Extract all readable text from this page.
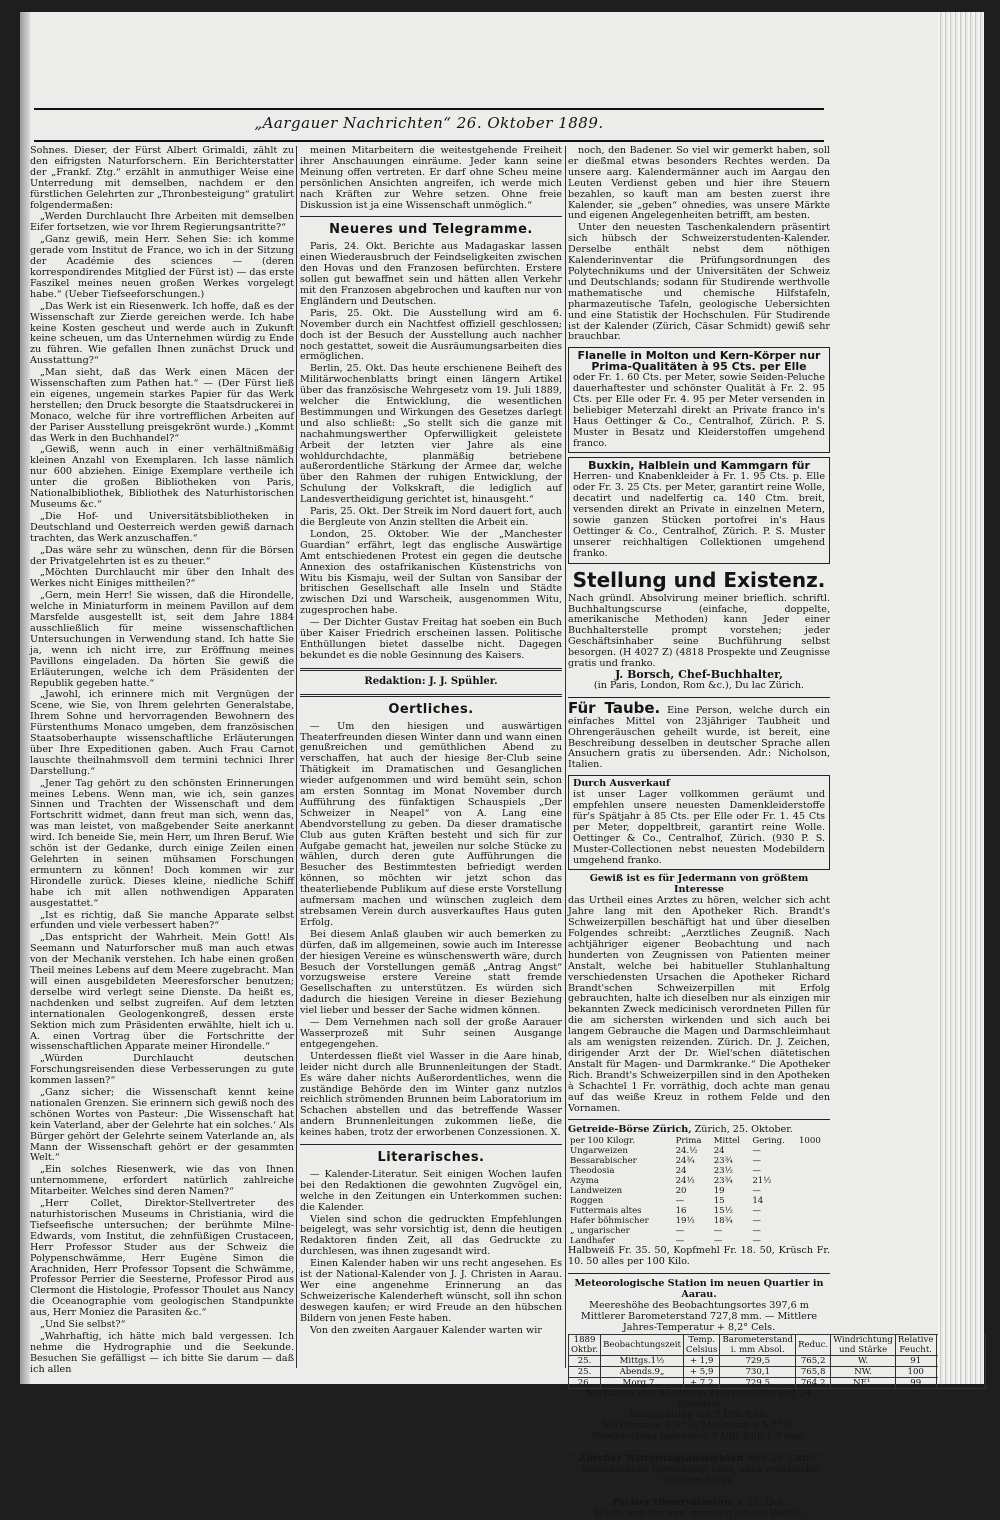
„Aargauer Nachrichten“ 26. Oktober 1889.

Sohnes. Dieser, der Fürst Albert Grimaldi, zählt zu den eifrigsten Naturforschern. Ein Berichterstatter der „Frankf. Ztg.“ erzählt in anmuthiger Weise eine Unterredung mit demselben, nachdem er den fürstlichen Gelehrten zur „Thronbesteigung“ gratulirt folgendermaßen:

„Werden Durchlaucht Ihre Arbeiten mit demselben Eifer fortsetzen, wie vor Ihrem Regierungsantritte?“

„Ganz gewiß, mein Herr. Sehen Sie: ich komme gerade vom Institut de France, wo ich in der Sitzung der Académie des sciences — (deren korrespondirendes Mitglied der Fürst ist) — das erste Faszikel meines neuen großen Werkes vorgelegt habe.“ (Ueber Tiefseeforschungen.)

„Das Werk ist ein Riesenwerk. Ich hoffe, daß es der Wissenschaft zur Zierde gereichen werde. Ich habe keine Kosten gescheut und werde auch in Zukunft keine scheuen, um das Unternehmen würdig zu Ende zu führen. Wie gefallen Ihnen zunächst Druck und Ausstattung?“

„Man sieht, daß das Werk einen Mäcen der Wissenschaften zum Pathen hat.“ — (Der Fürst ließ ein eigenes, ungemein starkes Papier für das Werk herstellen; den Druck besorgte die Staatsdruckerei in Monaco, welche für ihre vortrefflichen Arbeiten auf der Pariser Ausstellung preisgekrönt wurde.) „Kommt das Werk in den Buchhandel?“

„Gewiß, wenn auch in einer verhältnißmäßig kleinen Anzahl von Exemplaren. Ich lasse nämlich nur 600 abziehen. Einige Exemplare vertheile ich unter die großen Bibliotheken von Paris, Nationalbibliothek, Bibliothek des Naturhistorischen Museums &c.“

„Die Hof- und Universitätsbibliotheken in Deutschland und Oesterreich werden gewiß darnach trachten, das Werk anzuschaffen.“

„Das wäre sehr zu wünschen, denn für die Börsen der Privatgelehrten ist es zu theuer.“

„Möchten Durchlaucht mir über den Inhalt des Werkes nicht Einiges mittheilen?“

„Gern, mein Herr! Sie wissen, daß die Hirondelle, welche in Miniaturform in meinem Pavillon auf dem Marsfelde ausgestellt ist, seit dem Jahre 1884 ausschließlich für meine wissenschaftlichen Untersuchungen in Verwendung stand. Ich hatte Sie ja, wenn ich nicht irre, zur Eröffnung meines Pavillons eingeladen. Da hörten Sie gewiß die Erläuterungen, welche ich dem Präsidenten der Republik gegeben hatte.“

„Jawohl, ich erinnere mich mit Vergnügen der Scene, wie Sie, von Ihrem gelehrten Generalstabe, Ihrem Sohne und hervorragenden Bewohnern des Fürstenthums Monaco umgeben, dem französischen Staatsoberhaupte wissenschaftliche Erläuterungen über Ihre Expeditionen gaben. Auch Frau Carnot lauschte theilnahmsvoll dem termini technici Ihrer Darstellung.“

„Jener Tag gehört zu den schönsten Erinnerungen meines Lebens. Wenn man, wie ich, sein ganzes Sinnen und Trachten der Wissenschaft und dem Fortschritt widmet, dann freut man sich, wenn das, was man leistet, von maßgebender Seite anerkannt wird. Ich beneide Sie, mein Herr, um Ihren Beruf. Wie schön ist der Gedanke, durch einige Zeilen einen Gelehrten in seinen mühsamen Forschungen ermuntern zu können! Doch kommen wir zur Hirondelle zurück. Dieses kleine, niedliche Schiff habe ich mit allen nothwendigen Apparaten ausgestattet.“

„Ist es richtig, daß Sie manche Apparate selbst erfunden und viele verbessert haben?“

„Das entspricht der Wahrheit. Mein Gott! Als Seemann und Naturforscher muß man auch etwas von der Mechanik verstehen. Ich habe einen großen Theil meines Lebens auf dem Meere zugebracht. Man will einen ausgebildeten Meeresforscher benutzen; derselbe wird verlegt seine Dienste. Da heißt es, nachdenken und selbst zugreifen. Auf dem letzten internationalen Geologenkongreß, dessen erste Sektion mich zum Präsidenten erwählte, hielt ich u. A. einen Vortrag über die Fortschritte der wissenschaftlichen Apparate meiner Hirondelle.“

„Würden Durchlaucht deutschen Forschungsreisenden diese Verbesserungen zu gute kommen lassen?“

„Ganz sicher; die Wissenschaft kennt keine nationalen Grenzen. Sie erinnern sich gewiß noch des schönen Wortes von Pasteur: ‚Die Wissenschaft hat kein Vaterland, aber der Gelehrte hat ein solches.‘ Als Bürger gehört der Gelehrte seinem Vaterlande an, als Mann der Wissenschaft gehört er der gesammten Welt.“

„Ein solches Riesenwerk, wie das von Ihnen unternommene, erfordert natürlich zahlreiche Mitarbeiter. Welches sind deren Namen?“

„Herr Collet, Direktor-Stellvertreter des naturhistorischen Museums in Christiania, wird die Tiefseefische untersuchen; der berühmte Milne-Edwards, vom Institut, die zehnfüßigen Crustaceen, Herr Professor Studer aus der Schweiz die Polypenschwämme, Herr Eugène Simon die Arachniden, Herr Professor Topsent die Schwämme, Professor Perrier die Seesterne, Professor Pirod aus Clermont die Histologie, Professor Thoulet aus Nancy die Oceanographie vom geologischen Standpunkte aus, Herr Moniez die Parasiten &c.“

„Und Sie selbst?“

„Wahrhaftig, ich hätte mich bald vergessen. Ich nehme die Hydrographie und die Seekunde. Besuchen Sie gefälligst — ich bitte Sie darum — daß ich allen

meinen Mitarbeitern die weitestgehende Freiheit ihrer Anschauungen einräume. Jeder kann seine Meinung offen vertreten. Er darf ohne Scheu meine persönlichen Ansichten angreifen, ich werde mich nach Kräften zur Wehre setzen. Ohne freie Diskussion ist ja eine Wissenschaft unmöglich.“

Neueres und Telegramme.

Paris, 24. Okt. Berichte aus Madagaskar lassen einen Wiederausbruch der Feindseligkeiten zwischen den Hovas und den Franzosen befürchten. Erstere sollen gut bewaffnet sein und hätten allen Verkehr mit den Franzosen abgebrochen und kauften nur von Engländern und Deutschen.

Paris, 25. Okt. Die Ausstellung wird am 6. November durch ein Nachtfest offiziell geschlossen; doch ist der Besuch der Ausstellung auch nachher noch gestattet, soweit die Ausräumungsarbeiten dies ermöglichen.

Berlin, 25. Okt. Das heute erschienene Beiheft des Militärwochenblatts bringt einen längern Artikel über das französische Wehrgesetz vom 19. Juli 1889, welcher die Entwicklung, die wesentlichen Bestimmungen und Wirkungen des Gesetzes darlegt und also schließt: „So stellt sich die ganze mit nachahmungswerther Opferwilligkeit geleistete Arbeit der letzten vier Jahre als eine wohldurchdachte, planmäßig betriebene außerordentliche Stärkung der Armee dar, welche über den Rahmen der ruhigen Entwicklung, der Schulung der Volkskraft, die lediglich auf Landesvertheidigung gerichtet ist, hinausgeht.“

Paris, 25. Okt. Der Streik im Nord dauert fort, auch die Bergleute von Anzin stellten die Arbeit ein.

London, 25. Oktober. Wie der „Manchester Guardian“ erfährt, legt das englische Auswärtige Amt entschiedenen Protest ein gegen die deutsche Annexion des ostafrikanischen Küstenstrichs von Witu bis Kismaju, weil der Sultan von Sansibar der britischen Gesellschaft alle Inseln und Städte zwischen Dzi und Warscheik, ausgenommen Witu, zugesprochen habe.

— Der Dichter Gustav Freitag hat soeben ein Buch über Kaiser Friedrich erscheinen lassen. Politische Enthüllungen bietet dasselbe nicht. Dagegen bekundet es die noble Gesinnung des Kaisers.

Redaktion: J. J. Spühler.
Oertliches.

— Um den hiesigen und auswärtigen Theaterfreunden diesen Winter dann und wann einen genußreichen und gemüthlichen Abend zu verschaffen, hat auch der hiesige 8er-Club seine Thätigkeit im Dramatischen und Gesanglichen wieder aufgenommen und wird bemüht sein, schon am ersten Sonntag im Monat November durch Aufführung des fünfaktigen Schauspiels „Der Schweizer in Neapel“ von A. Lang eine Abendvorstellung zu geben. Da dieser dramatische Club aus guten Kräften besteht und sich für zur Aufgabe gemacht hat, jeweilen nur solche Stücke zu wählen, durch deren gute Aufführungen die Besucher des Bestimmtesten befriedigt werden können, so möchten wir jetzt schon das theaterliebende Publikum auf diese erste Vorstellung aufmersam machen und wünschen zugleich dem strebsamen Verein durch ausverkauftes Haus guten Erfolg.

Bei diesem Anlaß glauben wir auch bemerken zu dürfen, daß im allgemeinen, sowie auch im Interesse der hiesigen Vereine es wünschenswerth wäre, durch Besuch der Vorstellungen gemäß „Antrag Angst“ vorzugsweise erstere Vereine statt fremde Gesellschaften zu unterstützen. Es würden sich dadurch die hiesigen Vereine in dieser Beziehung viel lieber und besser der Sache widmen können.

— Dem Vernehmen nach soll der große Aarauer Wasserprozeß mit Suhr seinen Ausgange entgegengehen.

Unterdessen fließt viel Wasser in die Aare hinab, leider nicht durch alle Brunnenleitungen der Stadt. Es wäre daher nichts Außerordentliches, wenn die zuständige Behörde den im Winter ganz nutzlos reichlich strömenden Brunnen beim Laboratorium im Schachen abstellen und das betreffende Wasser andern Brunnenleitungen zukommen ließe, die keines haben, trotz der erworbenen Conzessionen. X.

Literarisches.

— Kalender-Literatur. Seit einigen Wochen laufen bei den Redaktionen die gewohnten Zugvögel ein, welche in den Zeitungen ein Unterkommen suchen: die Kalender.

Vielen sind schon die gedruckten Empfehlungen beigelegt, was sehr vorsichtig ist, denn die heutigen Redaktoren finden Zeit, all das Gedruckte zu durchlesen, was ihnen zugesandt wird.

Einen Kalender haben wir uns recht angesehen. Es ist der National-Kalender von J. J. Christen in Aarau. Wer eine angenehme Erinnerung an das Schweizerische Kalenderheft wünscht, soll ihn schon deswegen kaufen; er wird Freude an den hübschen Bildern von jenen Feste haben.

Von den zweiten Aargauer Kalender warten wir

noch, den Badener. So viel wir gemerkt haben, soll er dießmal etwas besonders Rechtes werden. Da unsere aarg. Kalendermänner auch im Aargau den Leuten Verdienst geben und hier ihre Steuern bezahlen, so kauft man am besten zuerst ihre Kalender, sie „geben“ ohnedies, was unsere Märkte und eigenen Angelegenheiten betrifft, am besten.

Unter den neuesten Taschenkalendern präsentirt sich hübsch der Schweizerstudenten-Kalender. Derselbe enthält nebst dem nöthigen Kalenderinventar die Prüfungsordnungen des Polytechnikums und der Universitäten der Schweiz und Deutschlands; sodann für Studirende werthvolle mathematische und chemische Hilfstafeln, pharmazeutische Tafeln, geologische Uebersichten und eine Statistik der Hochschulen. Für Studirende ist der Kalender (Zürich, Cäsar Schmidt) gewiß sehr brauchbar.

Flanelle in Molton und Kern-Körper nur Prima-Qualitäten à 95 Cts. per Elle
oder Fr. 1. 60 Cts. per Meter, sowie Seiden-Peluche dauerhaftester und schönster Qualität à Fr. 2. 95 Cts. per Elle oder Fr. 4. 95 per Meter versenden in beliebiger Meterzahl direkt an Private franco in's Haus Oettinger & Co., Centralhof, Zürich. P. S. Muster in Besatz und Kleiderstoffen umgehend franco.
Buxkin, Halblein und Kammgarn für
Herren- und Knabenkleider à Fr. 1. 95 Cts. p. Elle oder Fr. 3. 25 Cts. per Meter, garantirt reine Wolle, decatirt und nadelfertig ca. 140 Ctm. breit, versenden direkt an Private in einzelnen Metern, sowie ganzen Stücken portofrei in's Haus Oettinger & Co., Centralhof, Zürich. P. S. Muster unserer reichhaltigen Collektionen umgehend franko.
Stellung und Existenz.
Nach gründl. Absolvirung meiner brieflich. schriftl. Buchhaltungscurse (einfache, doppelte, amerikanische Methoden) kann Jeder einer Buchhalterstelle prompt vorstehen; jeder Geschäftsinhaber seine Buchführung selbst besorgen. (H 4027 Z) (4818 Prospekte und Zeugnisse gratis und franko.
J. Borsch, Chef-Buchhalter,
(in Paris, London, Rom &c.), Du lac Zürich.
Für Taube. Eine Person, welche durch ein einfaches Mittel von 23jähriger Taubheit und Ohrengeräuschen geheilt wurde, ist bereit, eine Beschreibung desselben in deutscher Sprache allen Ansuchern gratis zu übersenden. Adr.: Nicholson, Italien.
Durch Ausverkauf
ist unser Lager vollkommen geräumt und empfehlen unsere neuesten Damenkleiderstoffe für's Spätjahr à 85 Cts. per Elle oder Fr. 1. 45 Cts per Meter, doppeltbreit, garantirt reine Wolle. Oettinger & Co., Centralhof, Zürich. (930 P. S. Muster-Collectionen nebst neuesten Modebildern umgehend franko.
Gewiß ist es für Jedermann von größtem Interesse
das Urtheil eines Arztes zu hören, welcher sich acht Jahre lang mit den Apotheker Rich. Brandt's Schweizerpillen beschäftigt hat und über dieselben Folgendes schreibt: „Aerztliches Zeugniß. Nach achtjähriger eigener Beobachtung und nach hunderten von Zeugnissen von Patienten meiner Anstalt, welche bei habitueller Stuhlanhaltung verschiedensten Ursachen die Apotheker Richard Brandt'schen Schweizerpillen mit Erfolg gebrauchten, halte ich dieselben nur als einzigen mir bekannten Zweck medicinisch verordneten Pillen für die am sichersten wirkenden und sich auch bei langem Gebrauche die Magen und Darmschleimhaut als am wenigsten reizenden. Zürich. Dr. J. Zeichen, dirigender Arzt der Dr. Wiel'schen diätetischen Anstalt für Magen- und Darmkranke.“ Die Apotheker Rich. Brandt's Schweizerpillen sind in den Apotheken à Schachtel 1 Fr. vorräthig, doch achte man genau auf das weiße Kreuz in rothem Felde und den Vornamen.
Getreide-Börse Zürich, Zürich, 25. Oktober.
per 100 Kilogr.	Prima	Mittel	Gering.	1000
Ungarweizen	24.½	24	—	
Bessarabischer	24¾	23¾	—	
Theodosia	24	23½	—	
Azyma	24½	23¾	21½	
Landweizen	20	19	—	
Roggen	—	15	14	
Futtermais altes	16	15½	—	
Hafer böhmischer	19½	18¾	—	
„ ungarischer	—	—	—	
Landhafer	—	—	—	
Halbweiß Fr. 35. 50, Kopfmehl Fr. 18. 50, Krüsch Fr. 10. 50 alles per 100 Kilo.
Meteorologische Station im neuen Quartier in Aarau.
Meereshöhe des Beobachtungsortes 397,6 m
Mittlerer Barometerstand 727,8 mm. — Mittlere Jahres-Temperatur + 8,2° Cels.
1889 Oktbr.	Beobachtungszeit	Temp. Celsius	Barometerstand i. mm Absol.	Reduc.	Windrichtung und Stärke	Relative Feucht.	
25.	Mittgs.1½	+ 1,9	729,5	765,2	W.	91	
25.	Abends.9„	+ 5,9	730,1	765,8	NW.	100	
26.	Morg.7 „	+ 7,2	729,5	764,2	NE¹.	99	
Maximum und Minimum Thermometer seit 24 Stunden:
Beobachtung am 9 Uhr früh:
Maximum + 9,6° C. Minimum + 5,7° C.
Niederschlag gemessen 7 Uhr früh 1,7 mm.
Zürcher Witterungsaussichten vom 26. Oktbr.
Veränderliche Bewölkung, kühl, ohne erhebliche Niederschläge.
Pariser Observatorium v. 25. Oct.
Schön und trocken, ziemlich mildes Wetter.
